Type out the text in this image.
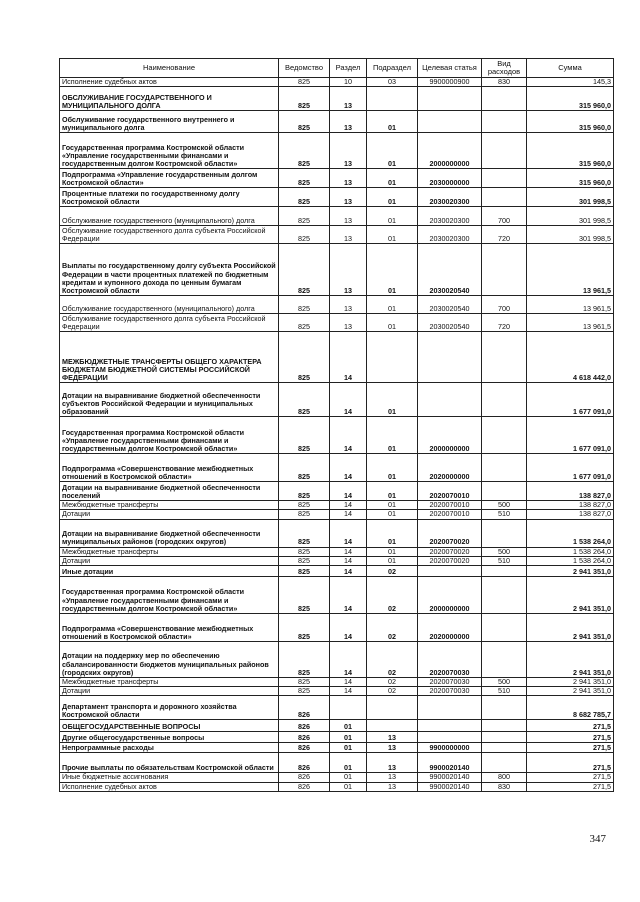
Наименование	Ведомство	Раздел	Подраздел	Целевая статья	Вид расходов	Сумма
Исполнение судебных актов	825	10	03	9900000900	830	145,3
ОБСЛУЖИВАНИЕ ГОСУДАРСТВЕННОГО И МУНИЦИПАЛЬНОГО ДОЛГА	825	13				315 960,0
Обслуживание государственного внутреннего и муниципального долга	825	13	01			315 960,0
Государственная программа Костромской области «Управление государственными финансами и государственным долгом Костромской области»	825	13	01	2000000000		315 960,0
Подпрограмма «Управление государственным долгом Костромской области»	825	13	01	2030000000		315 960,0
Процентные платежи по государственному долгу Костромской области	825	13	01	2030020300		301 998,5
Обслуживание государственного (муниципального) долга	825	13	01	2030020300	700	301 998,5
Обслуживание государственного долга субъекта Российской Федерации	825	13	01	2030020300	720	301 998,5
Выплаты по государственному долгу субъекта Российской Федерации в части процентных платежей по бюджетным кредитам и купонного дохода по ценным бумагам Костромской области	825	13	01	2030020540		13 961,5
Обслуживание государственного (муниципального) долга	825	13	01	2030020540	700	13 961,5
Обслуживание государственного долга субъекта Российской Федерации	825	13	01	2030020540	720	13 961,5
МЕЖБЮДЖЕТНЫЕ ТРАНСФЕРТЫ ОБЩЕГО ХАРАКТЕРА БЮДЖЕТАМ БЮДЖЕТНОЙ СИСТЕМЫ РОССИЙСКОЙ ФЕДЕРАЦИИ	825	14				4 618 442,0
Дотации на выравнивание бюджетной обеспеченности субъектов Российской Федерации и муниципальных образований	825	14	01			1 677 091,0
Государственная программа Костромской области «Управление государственными финансами и государственным долгом Костромской области»	825	14	01	2000000000		1 677 091,0
Подпрограмма «Совершенствование межбюджетных отношений в Костромской области»	825	14	01	2020000000		1 677 091,0
Дотации на выравнивание бюджетной обеспеченности поселений	825	14	01	2020070010		138 827,0
Межбюджетные трансферты	825	14	01	2020070010	500	138 827,0
Дотации	825	14	01	2020070010	510	138 827,0
Дотации на выравнивание бюджетной обеспеченности муниципальных районов (городских округов)	825	14	01	2020070020		1 538 264,0
Межбюджетные трансферты	825	14	01	2020070020	500	1 538 264,0
Дотации	825	14	01	2020070020	510	1 538 264,0
Иные дотации	825	14	02			2 941 351,0
Государственная программа Костромской области «Управление государственными финансами и государственным долгом Костромской области»	825	14	02	2000000000		2 941 351,0
Подпрограмма «Совершенствование межбюджетных отношений в Костромской области»	825	14	02	2020000000		2 941 351,0
Дотации на поддержку мер по обеспечению сбалансированности бюджетов муниципальных районов (городских округов)	825	14	02	2020070030		2 941 351,0
Межбюджетные трансферты	825	14	02	2020070030	500	2 941 351,0
Дотации	825	14	02	2020070030	510	2 941 351,0
Департамент транспорта и дорожного хозяйства Костромской области	826					8 682 785,7
ОБЩЕГОСУДАРСТВЕННЫЕ ВОПРОСЫ	826	01				271,5
Другие общегосударственные вопросы	826	01	13			271,5
Непрограммные расходы	826	01	13	9900000000		271,5
Прочие выплаты по обязательствам Костромской области	826	01	13	9900020140		271,5
Иные бюджетные ассигнования	826	01	13	9900020140	800	271,5
Исполнение судебных актов	826	01	13	9900020140	830	271,5
347
